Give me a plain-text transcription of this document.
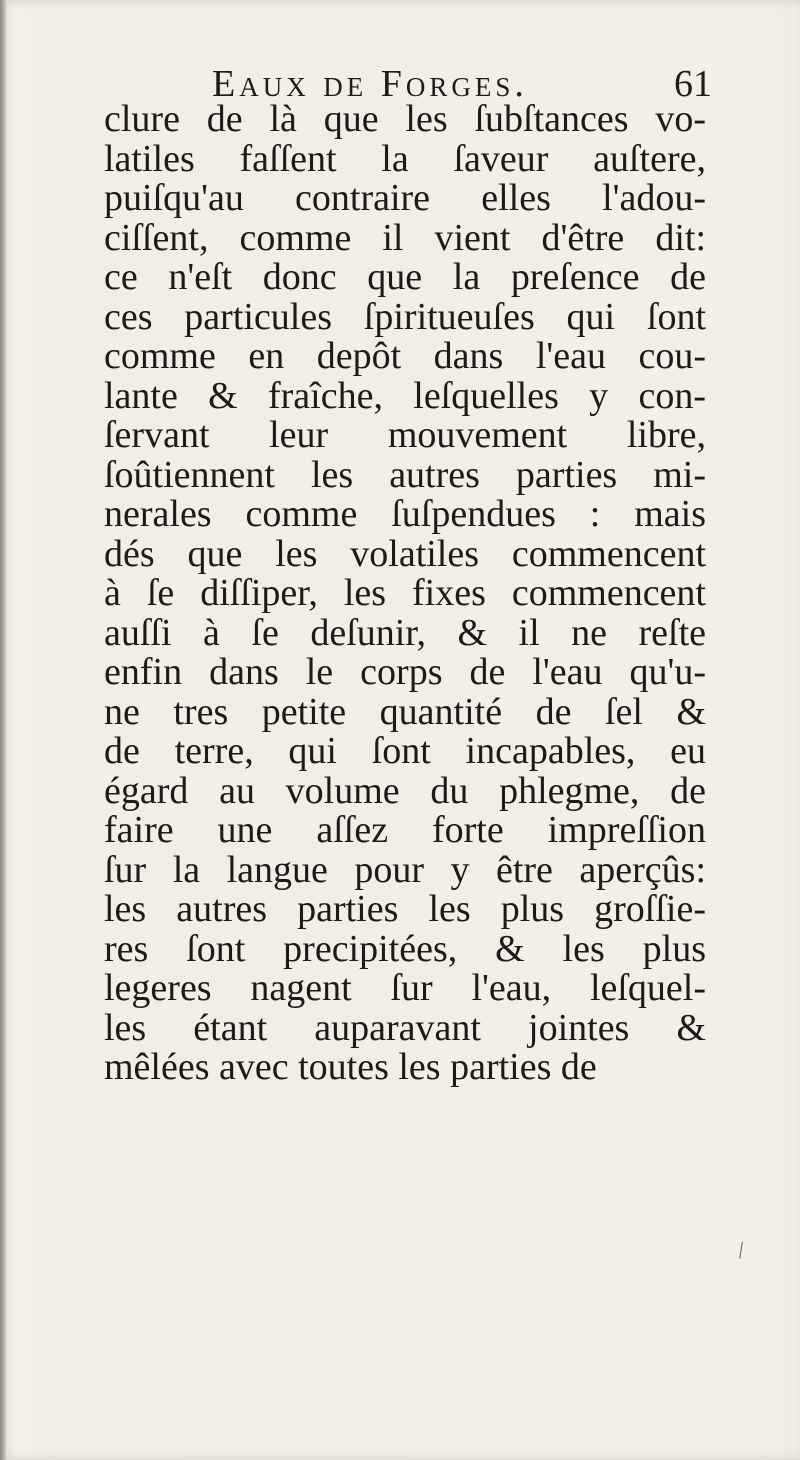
Eaux de Forges.	61
clure de là que les ſubſtances vo-
latiles faſſent la ſaveur auſtere,
puiſqu'au contraire elles l'adou-
ciſſent, comme il vient d'être dit:
ce n'eſt donc que la preſence de
ces particules ſpiritueuſes qui ſont
comme en depôt dans l'eau cou-
lante & fraîche, leſquelles y con-
ſervant leur mouvement libre,
ſoûtiennent les autres parties mi-
nerales comme ſuſpendues : mais
dés que les volatiles commencent
à ſe diſſiper, les fixes commencent
auſſi à ſe deſunir, & il ne reſte
enfin dans le corps de l'eau qu'u-
ne tres petite quantité de ſel &
de terre, qui ſont incapables, eu
égard au volume du phlegme, de
faire une aſſez forte impreſſion
ſur la langue pour y être aperçûs:
les autres parties les plus groſſie-
res ſont precipitées, & les plus
legeres nagent ſur l'eau, leſquel-
les étant auparavant jointes &
mêlées avec toutes les parties de
/
